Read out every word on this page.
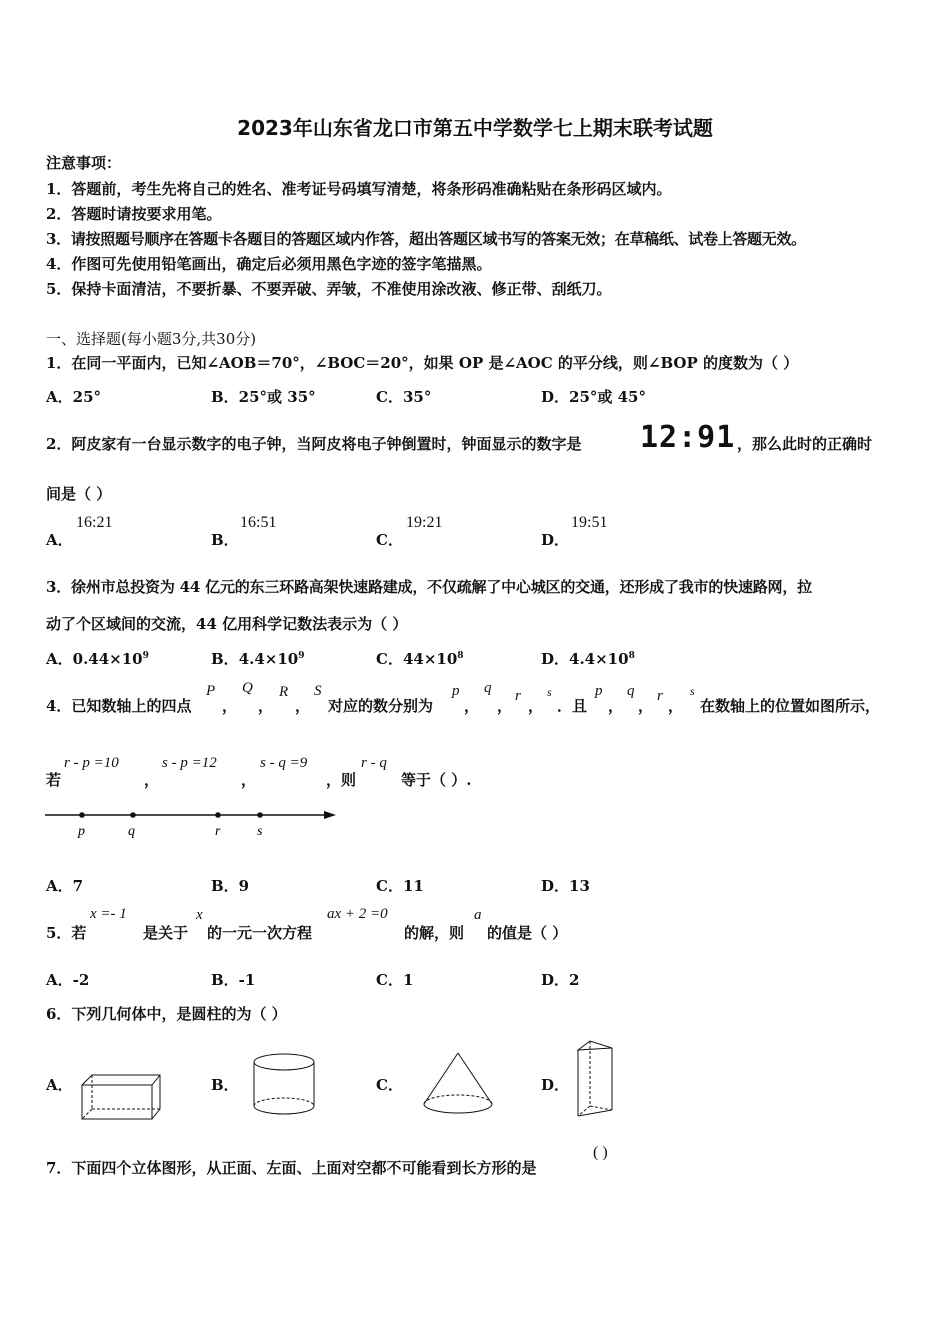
2023年山东省龙口市第五中学数学七上期末联考试题
注意事项：
1．答题前，考生先将自己的姓名、准考证号码填写清楚，将条形码准确粘贴在条形码区域内。
2．答题时请按要求用笔。
3．请按照题号顺序在答题卡各题目的答题区域内作答，超出答题区域书写的答案无效；在草稿纸、试卷上答题无效。
4．作图可先使用铅笔画出，确定后必须用黑色字迹的签字笔描黑。
5．保持卡面清洁，不要折暴、不要弄破、弄皱，不准使用涂改液、修正带、刮纸刀。
一、选择题(每小题3分,共30分)
1．在同一平面内，已知∠AOB＝70°，∠BOC＝20°，如果 OP 是∠AOC 的平分线，则∠BOP 的度数为（ ）
A．25°	B．25°或 35°	C．35°	D．25°或 45°
2．阿皮家有一台显示数字的电子钟，当阿皮将电子钟倒置时，钟面显示的数字是 12:91 ，那么此时的正确时
间是（ ）
A．
16:21
B．
16:51
C．
19:21
D．
19:51
3．徐州市总投资为 44 亿元的东三环路高架快速路建成，不仅疏解了中心城区的交通，还形成了我市的快速路网，拉
动了个区域间的交流，44 亿用科学记数法表示为（ ）
A．$0.44\times 10^9$	B．$4.4\times 10^9$	C．$44\times 10^8$	D．$4.4\times 10^8$
4．已知数轴上的四点
P
，
Q
，
R
，
S
对应的数分别为
p
，
q
，
r
，
s
．且
p
，
q
，
r
，
s
在数轴上的位置如图所示，
若
r - p =10
，
s - p =12
，
s - q =9
，则
r - q
等于（ ）.
p	q	r	s
A．7	B．9	C．11	D．13
5．若
x =- 1
是关于
x
的一元一次方程
ax + 2 =0
的解，则
a
的值是（ ）
A．-2	B．-1	C．1	D．2
6．下列几何体中，是圆柱的为（ ）
A．	B．	C．	D．
7．下面四个立体图形，从正面、左面、上面对空都不可能看到长方形的是
( )
